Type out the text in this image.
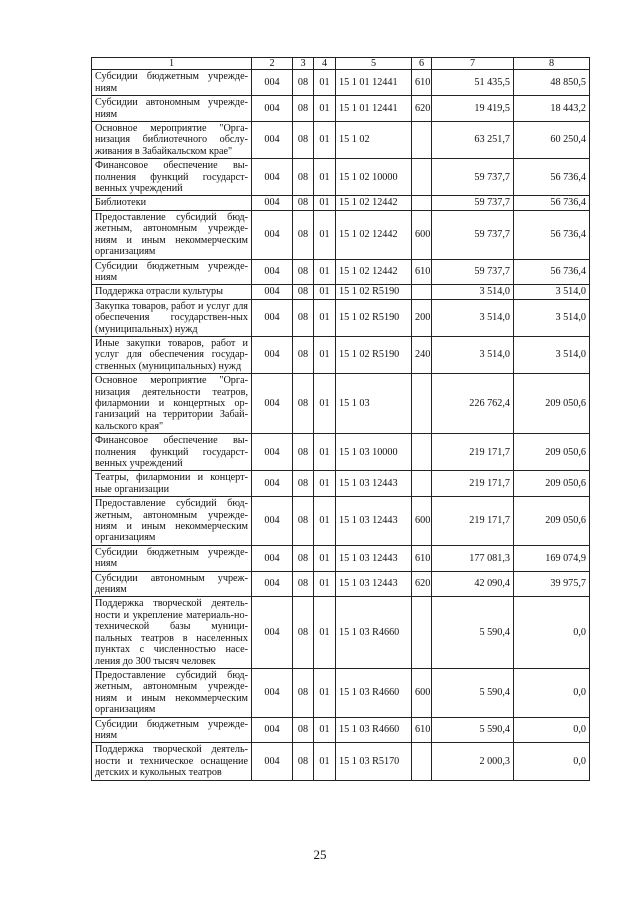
1	2	3	4	5	6	7	8
Субсидии бюджетным учрежде-ниям	004	08	01	15 1 01 12441	610	51 435,5	48 850,5
Субсидии автономным учрежде-ниям	004	08	01	15 1 01 12441	620	19 419,5	18 443,2
Основное мероприятие "Орга-низация библиотечного обслу-живания в Забайкальском крае"	004	08	01	15 1 02		63 251,7	60 250,4
Финансовое обеспечение вы-полнения функций государст-венных учреждений	004	08	01	15 1 02 10000		59 737,7	56 736,4
Библиотеки	004	08	01	15 1 02 12442		59 737,7	56 736,4
Предоставление субсидий бюд-жетным, автономным учрежде-ниям и иным некоммерческим организациям	004	08	01	15 1 02 12442	600	59 737,7	56 736,4
Субсидии бюджетным учрежде-ниям	004	08	01	15 1 02 12442	610	59 737,7	56 736,4
Поддержка отрасли культуры	004	08	01	15 1 02 R5190		3 514,0	3 514,0
Закупка товаров, работ и услуг для обеспечения государствен-ных (муниципальных) нужд	004	08	01	15 1 02 R5190	200	3 514,0	3 514,0
Иные закупки товаров, работ и услуг для обеспечения государ-ственных (муниципальных) нужд	004	08	01	15 1 02 R5190	240	3 514,0	3 514,0
Основное мероприятие "Орга-низация деятельности театров, филармонии и концертных ор-ганизаций на территории Забай-кальского края"	004	08	01	15 1 03		226 762,4	209 050,6
Финансовое обеспечение вы-полнения функций государст-венных учреждений	004	08	01	15 1 03 10000		219 171,7	209 050,6
Театры, филармонии и концерт-ные организации	004	08	01	15 1 03 12443		219 171,7	209 050,6
Предоставление субсидий бюд-жетным, автономным учрежде-ниям и иным некоммерческим организациям	004	08	01	15 1 03 12443	600	219 171,7	209 050,6
Субсидии бюджетным учрежде-ниям	004	08	01	15 1 03 12443	610	177 081,3	169 074,9
Субсидии автономным учреж-дениям	004	08	01	15 1 03 12443	620	42 090,4	39 975,7
Поддержка творческой деятель-ности и укрепление материаль-но-технической базы муници-пальных театров в населенных пунктах с численностью насе-ления до 300 тысяч человек	004	08	01	15 1 03 R4660		5 590,4	0,0
Предоставление субсидий бюд-жетным, автономным учрежде-ниям и иным некоммерческим организациям	004	08	01	15 1 03 R4660	600	5 590,4	0,0
Субсидии бюджетным учрежде-ниям	004	08	01	15 1 03 R4660	610	5 590,4	0,0
Поддержка творческой деятель-ности и техническое оснащение детских и кукольных театров	004	08	01	15 1 03 R5170		2 000,3	0,0
25
